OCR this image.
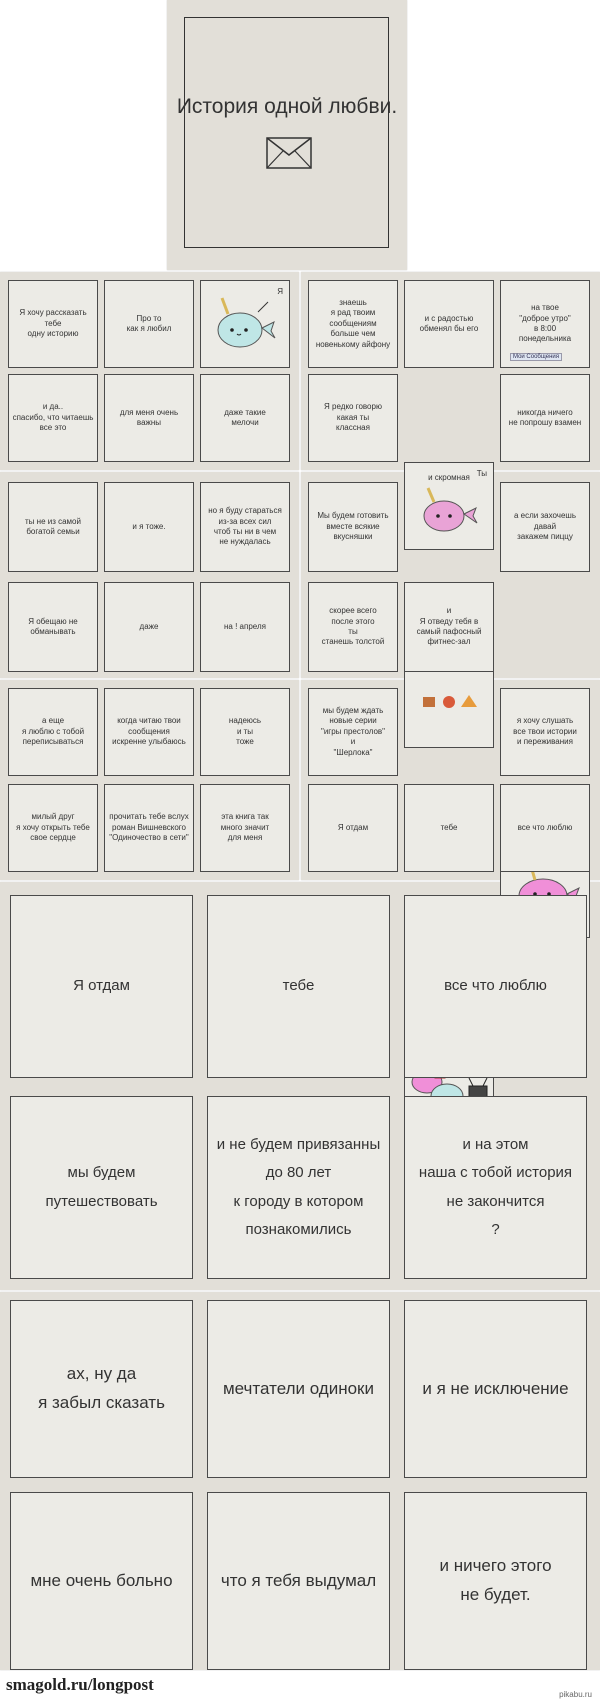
История одной любви.
Я хочу рассказать тебе
одну историю
Про то
как я любил
Я
и да..
спасибо, что читаешь
все это
для меня очень
важны
даже такие
мелочи
знаешь
я рад твоим
сообщениям
больше чем
новенькому айфону
и с радостью
обменял бы его
на твое
"доброе утро"
в 8:00
понедельника
Мои Сообщения
Я редко говорю
какая ты
классная
и скромная Ты
никогда ничего
не попрошу взамен
ты не из самой
богатой семьи
и я тоже.
но я буду стараться
из-за всех сил
чтоб ты ни в чем
не нуждалась
Я обещаю не
обманывать
даже	на ! апреля
Мы будем готовить
вместе всякие вкусняшки
а если захочешь
давай
закажем пиццу
скорее всего
после этого
ты
станешь толстой
и
Я отведу тебя в
самый пафосный
фитнес-зал
а еще
я люблю с тобой
переписываться
когда читаю твои
сообщения
искренне улыбаюсь
надеюсь
и ты
тоже
милый друг
я хочу открыть тебе
свое сердце
прочитать тебе вслух
роман Вишневского
"Одиночество в сети"
эта книга так
много значит
для меня
мы будем ждать
новые серии
"игры престолов"
и
"Шерлока"
я хочу слушать
все твои истории
и переживания
Я отдам	тебе	все что люблю
Я отдам	тебе	все что люблю
мы будем путешествовать
и не будем привязанны
до 80 лет
к городу в котором
познакомились
и на этом
наша с тобой история
не закончится
?
ах, ну да
я забыл сказать
мечтатели одиноки	и я не исключение
мне очень больно	что я тебя выдумал
и ничего этого
не будет.
smagold.ru/longpost
pikabu.ru
